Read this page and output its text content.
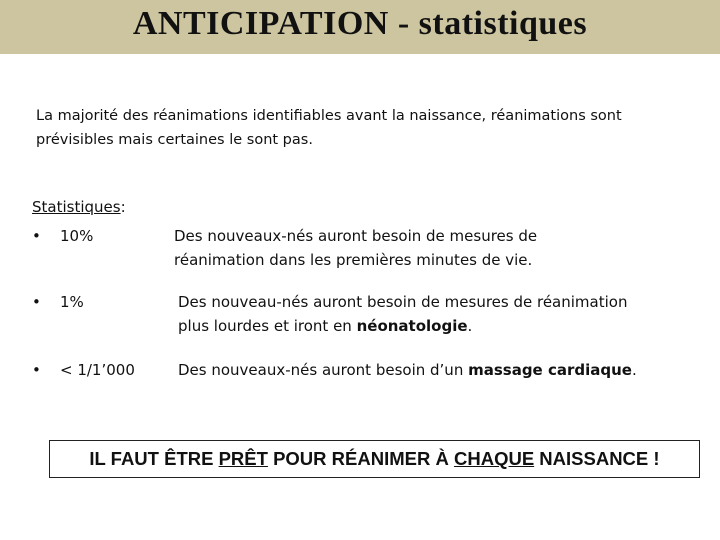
ANTICIPATION - statistiques
La majorité des réanimations identifiables avant la naissance, réanimations sont prévisibles mais certaines le sont pas.
Statistiques:
• 10%	Des nouveaux-nés auront besoin de mesures de
réanimation dans les premières minutes de vie.
• 1%	Des nouveau-nés auront besoin de mesures de réanimation
plus lourdes et iront en néonatologie.
• < 1/1’000	Des nouveaux-nés auront besoin d’un massage cardiaque.
IL FAUT ÊTRE PRÊT POUR RÉANIMER À CHAQUE NAISSANCE !
